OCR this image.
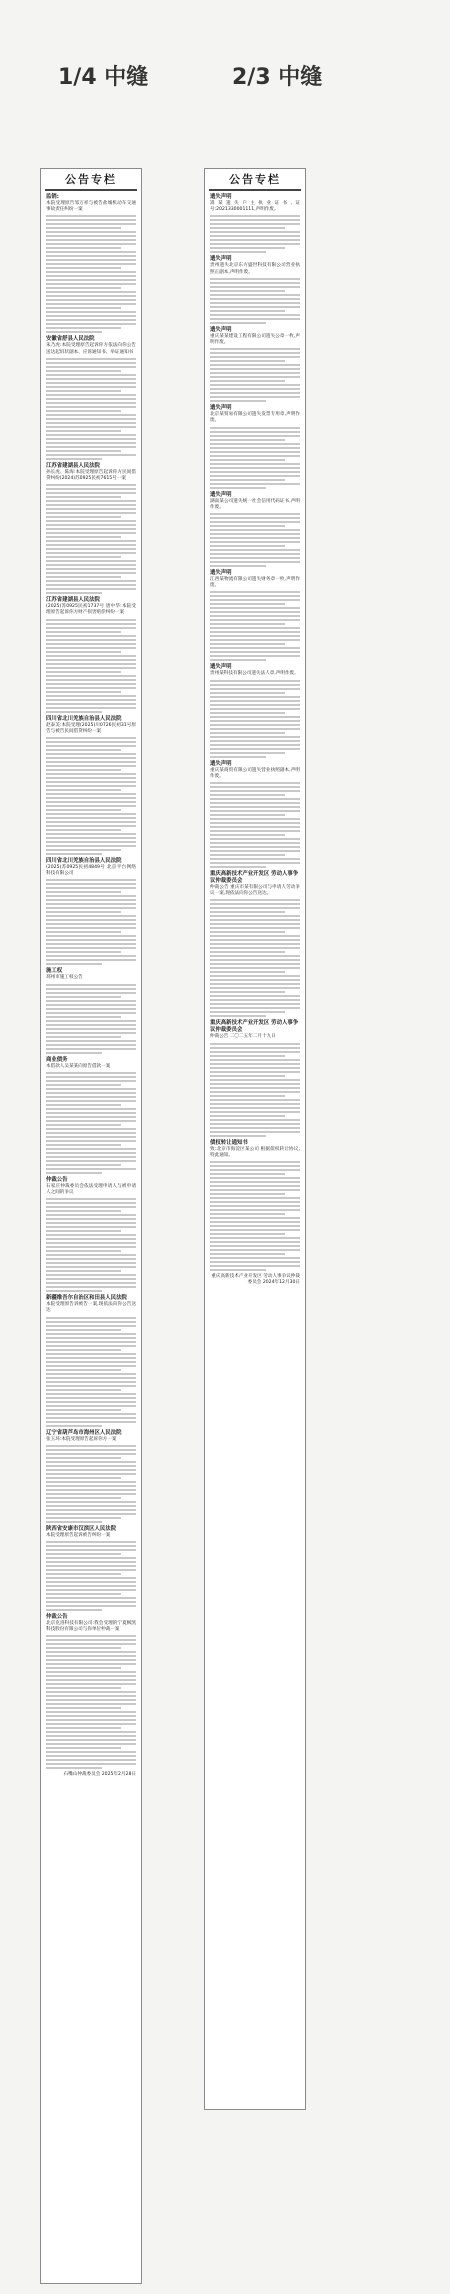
1/4 中缝	2/3 中缝
公告专栏
监销:
本院受理原告邹万祥与被告盐城机动车交通事故责任纠纷一案
安徽省舒县人民法院
朱乃虎:本院受理原告起诉你方依法向你公告送达起诉状副本、应诉通知书、举证通知书
江苏省建湖县人民法院
孙长虎、陈海:本院受理原告起诉你方民间借贷纠纷(2024)苏0925民初7615号一案
江苏省建湖县人民法院
(2025)苏0925民初1737号 唐中华:本院受理原告起诉你方财产损害赔偿纠纷一案
四川省北川羌族自治县人民法院
赵泰美:本院受理(2025)川0726民初31号原告与被告民间借贷纠纷一案
四川省北川羌族自治县人民法院
(2025)苏0925民初4849号 北京平台网络科技有限公司
施工权
邳州市施工权公告
商业债务
本借款人吴某某向原告借款一案
仲裁公告
石家庄仲裁委员会依法受理申请人与被申请人之间的争议
新疆维吾尔自治区和田县人民法院
本院受理原告诉被告一案,现依法向你公告送达
辽宁省葫芦岛市海州区人民法院
张玉环:本院受理原告起诉你方一案
陕西省安康市汉滨区人民法院
本院受理原告起诉被告纠纷一案
仲裁公告
北京克洛科技有限公司:我会受理的宁夏枫凯科技股份有限公司与你单位仲裁一案
石嘴山仲裁委员会 2025年2月28日
公告专栏
遗失声明
嵩某遗失户主执业证书,证号:2021330001111,声明作废。
遗失声明
贵州遗失北京东方盛世科技有限公司营业执照正副本,声明作废。
遗失声明
重庆某某建设工程有限公司遗失公章一枚,声明作废。
遗失声明
北京某贸易有限公司遗失发票专用章,声明作废。
遗失声明
湖南某公司遗失统一社会信用代码证书,声明作废。
遗失声明
江西某物流有限公司遗失财务章一枚,声明作废。
遗失声明
贵州某科技有限公司遗失法人章,声明作废。
遗失声明
重庆某商贸有限公司遗失营业执照副本,声明作废。
重庆高新技术产业开发区 劳动人事争议仲裁委员会
仲裁公告 重庆市某有限公司与申请人劳动争议一案,现依法向你公告送达。
重庆高新技术产业开发区 劳动人事争议仲裁委员会
仲裁公告 二〇二五年二月十九日
债权转让通知书
致:北京市海淀区某公司 根据债权转让协议,特此通知。
重庆高新技术产业开发区 劳动人事争议仲裁委员会 2024年12月30日
